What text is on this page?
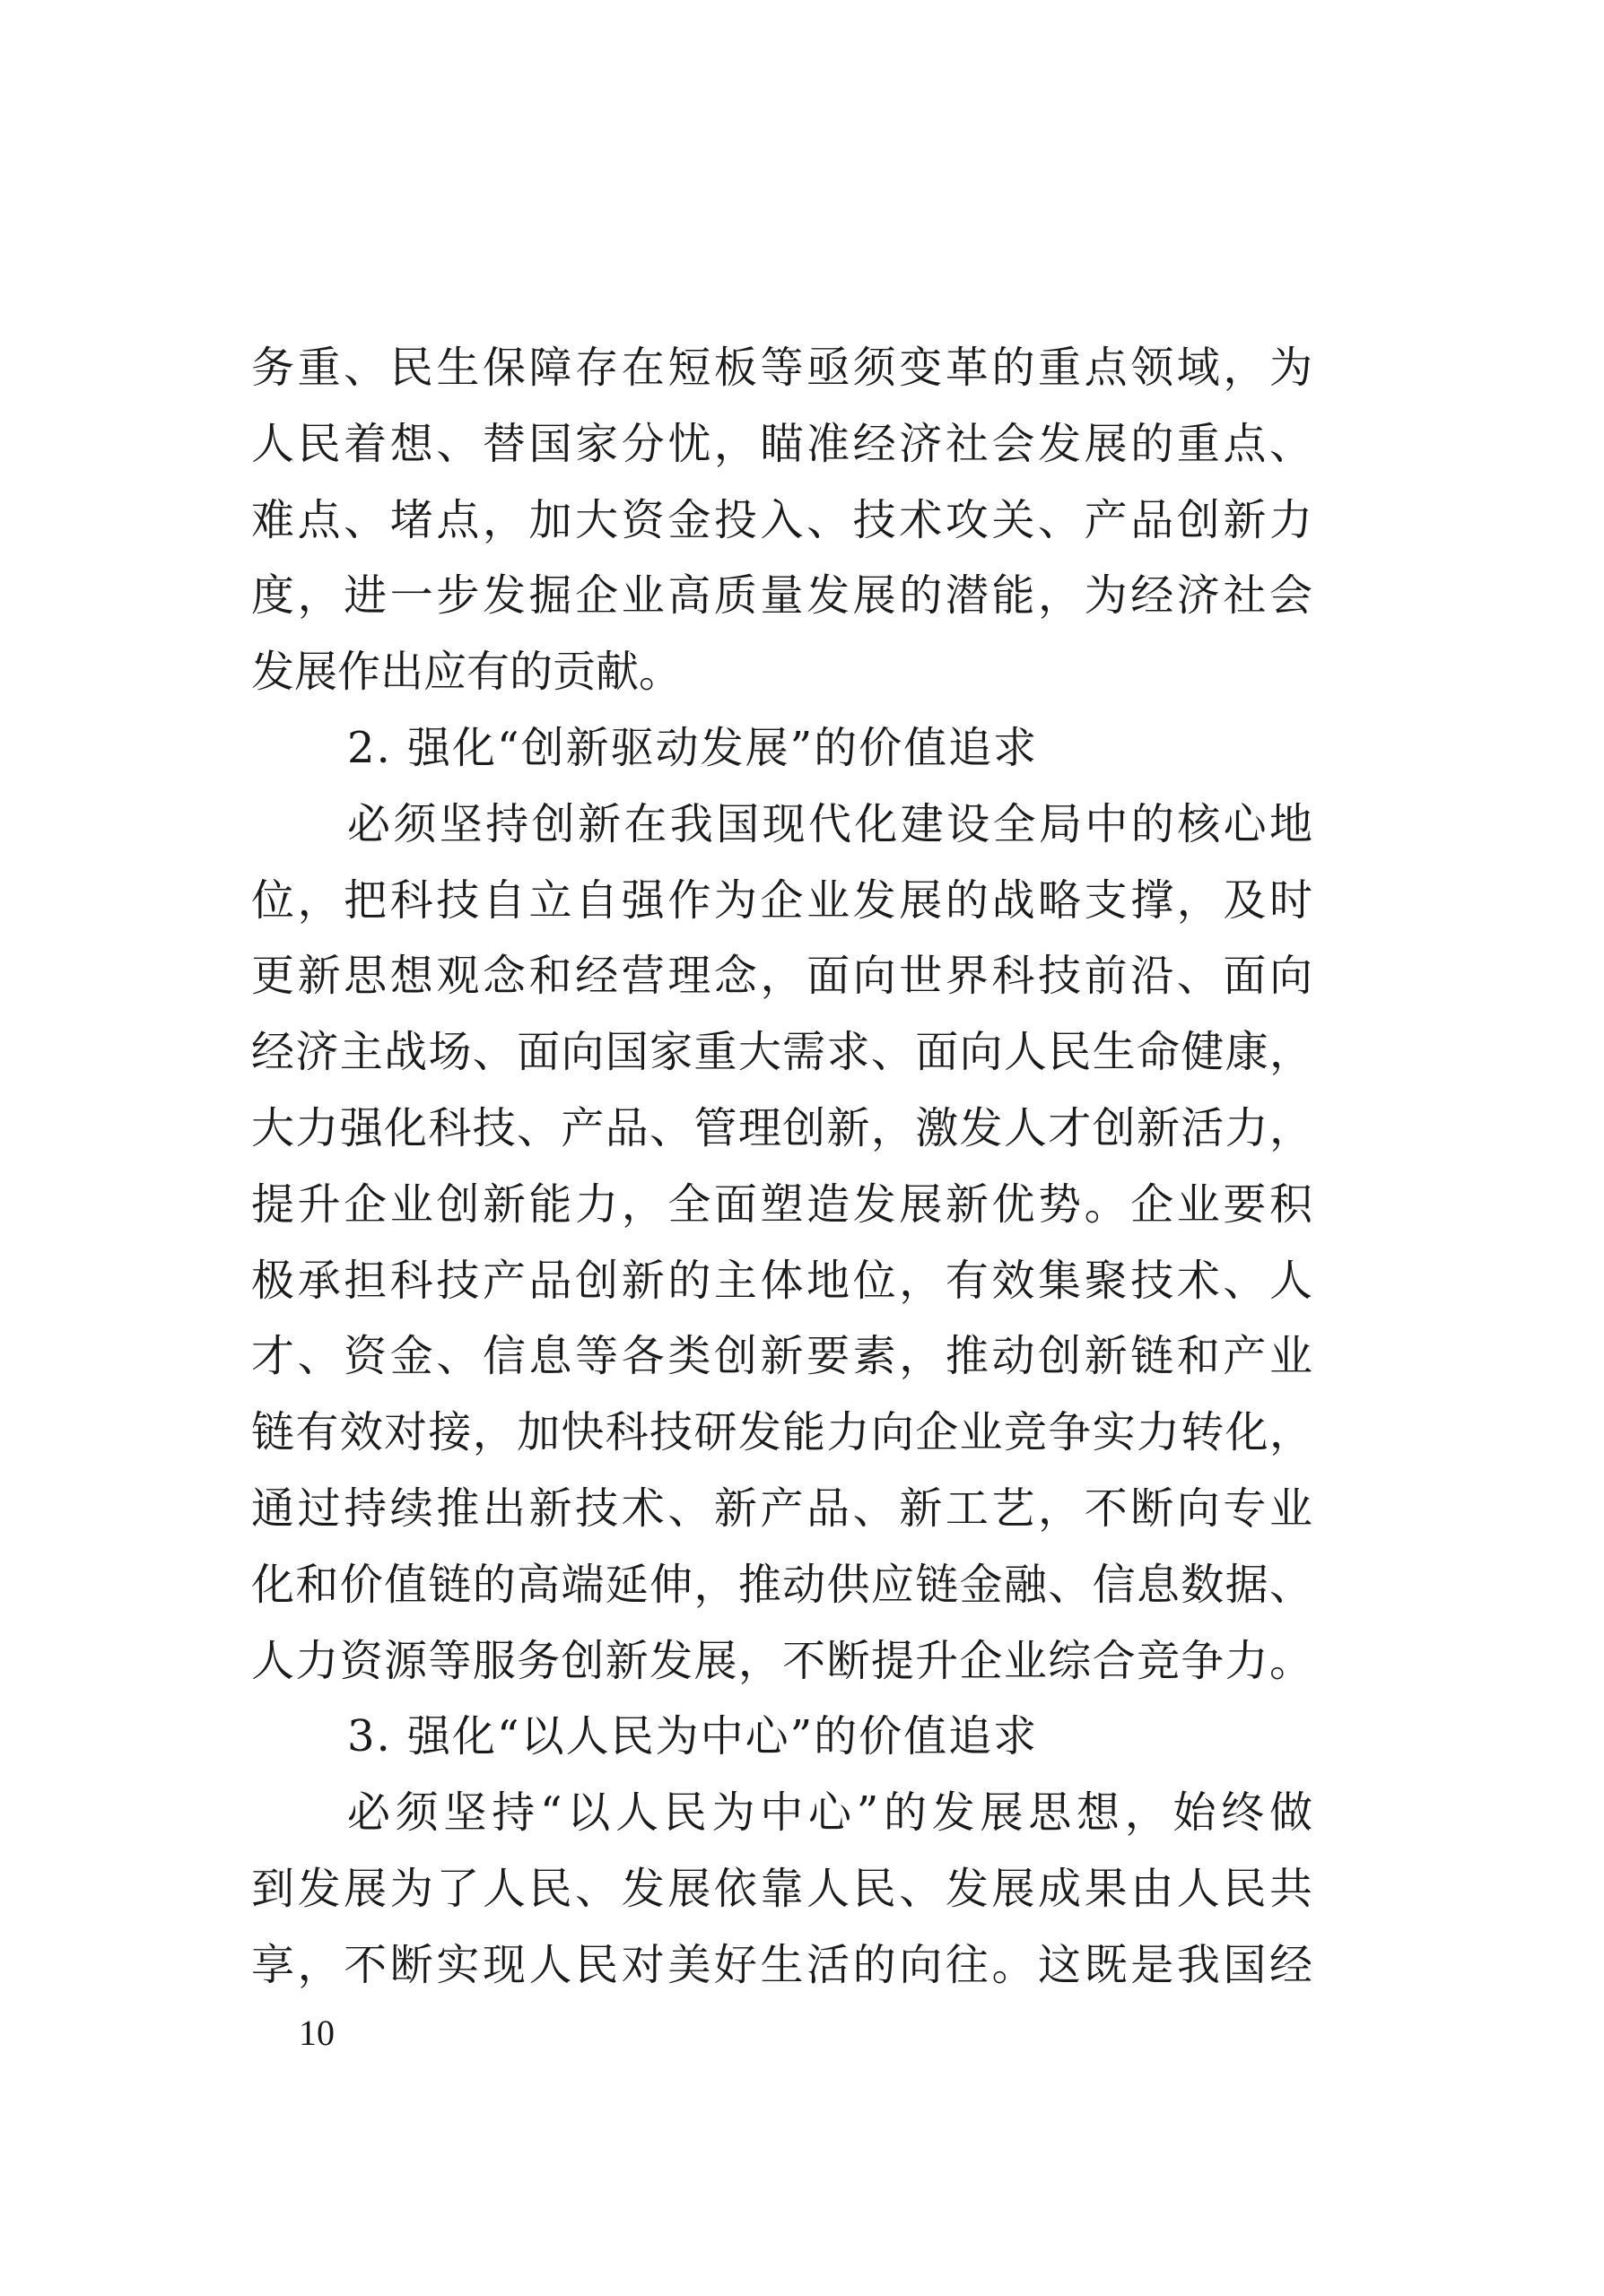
务重、民生保障存在短板等亟须变革的重点领域，为
人民着想、替国家分忧，瞄准经济社会发展的重点、
难点、堵点，加大资金投入、技术攻关、产品创新力
度，进一步发掘企业高质量发展的潜能，为经济社会
发展作出应有的贡献。
2. 强化“创新驱动发展”的价值追求
必须坚持创新在我国现代化建设全局中的核心地
位，把科技自立自强作为企业发展的战略支撑，及时
更新思想观念和经营理念，面向世界科技前沿、面向
经济主战场、面向国家重大需求、面向人民生命健康，
大力强化科技、产品、管理创新，激发人才创新活力，
提升企业创新能力，全面塑造发展新优势。企业要积
极承担科技产品创新的主体地位，有效集聚技术、人
才、资金、信息等各类创新要素，推动创新链和产业
链有效对接，加快科技研发能力向企业竞争实力转化，
通过持续推出新技术、新产品、新工艺，不断向专业
化和价值链的高端延伸，推动供应链金融、信息数据、
人力资源等服务创新发展，不断提升企业综合竞争力。
3. 强化“以人民为中心”的价值追求
必须坚持“以人民为中心”的发展思想，始终做
到发展为了人民、发展依靠人民、发展成果由人民共
享，不断实现人民对美好生活的向往。这既是我国经
10
